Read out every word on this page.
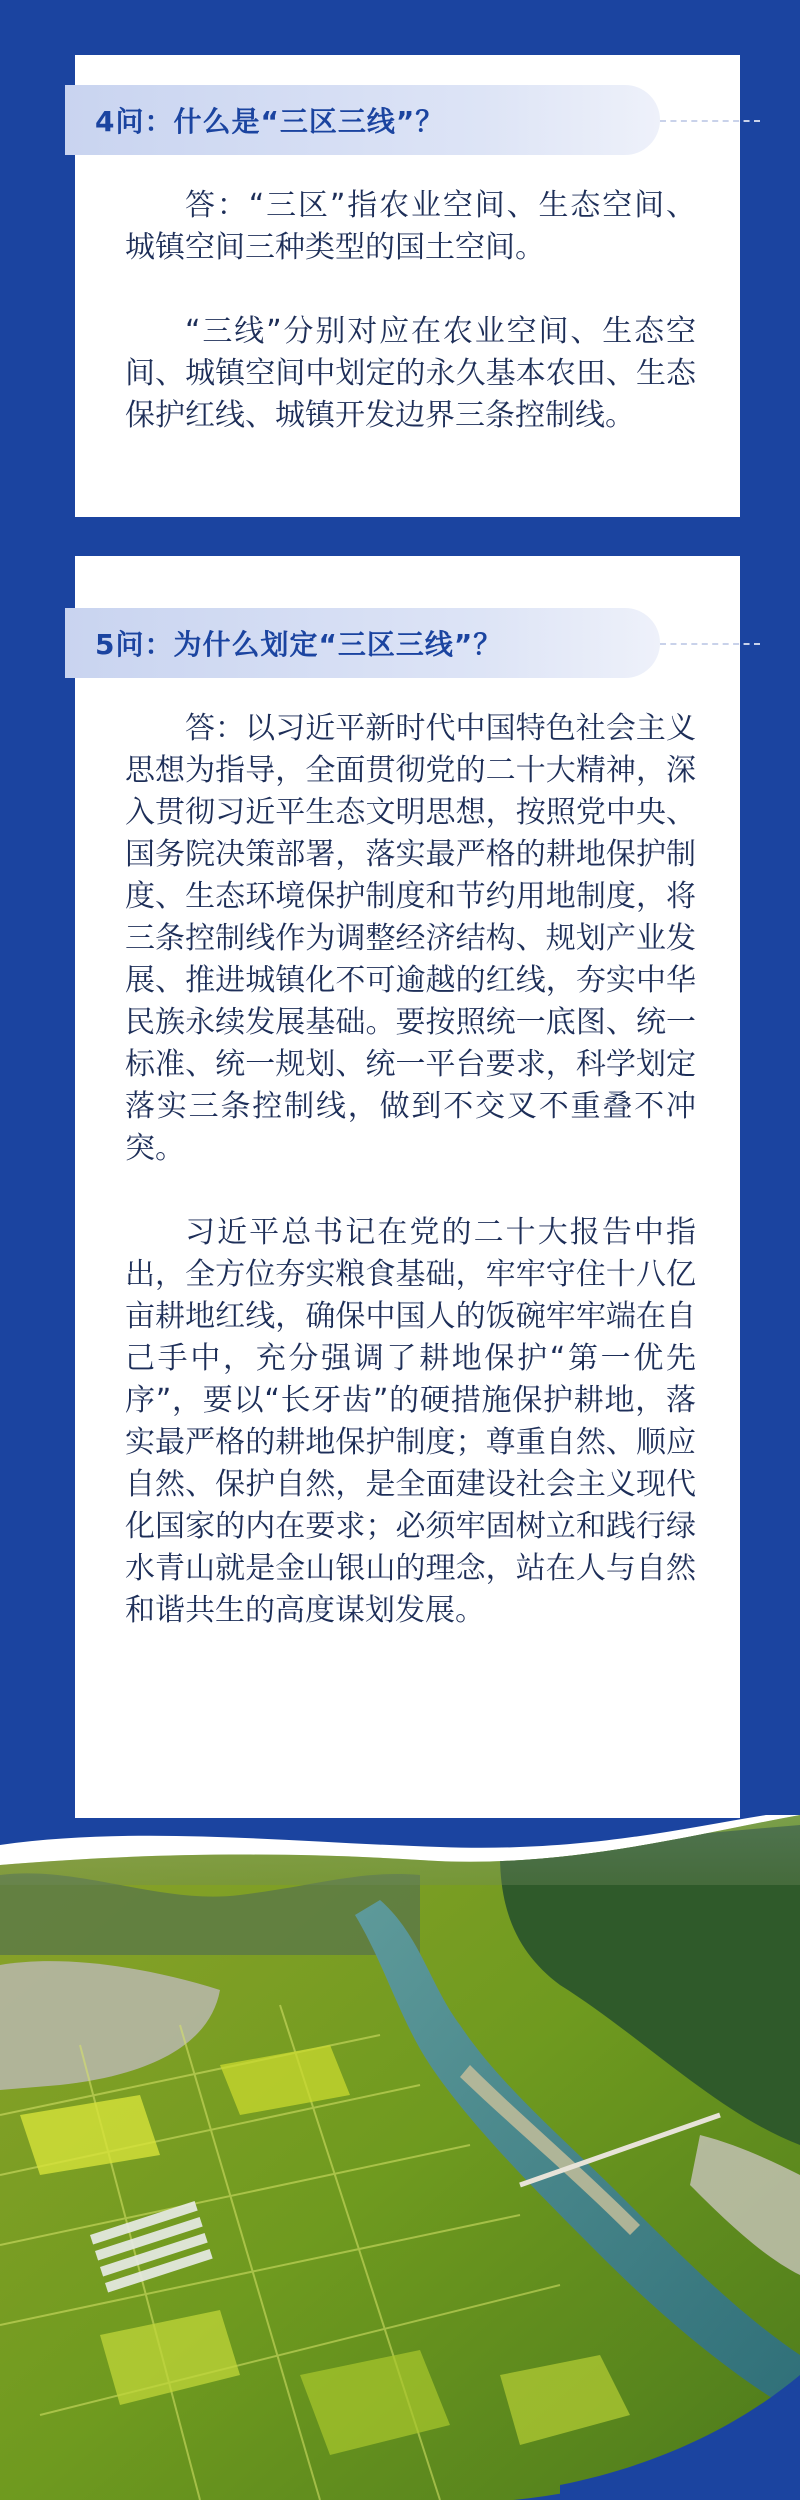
4问：什么是“三区三线”？

答：“三区”指农业空间、生态空间、城镇空间三种类型的国土空间。

“三线”分别对应在农业空间、生态空间、城镇空间中划定的永久基本农田、生态保护红线、城镇开发边界三条控制线。

5问：为什么划定“三区三线”？

答：以习近平新时代中国特色社会主义思想为指导，全面贯彻党的二十大精神，深入贯彻习近平生态文明思想，按照党中央、国务院决策部署，落实最严格的耕地保护制度、生态环境保护制度和节约用地制度，将三条控制线作为调整经济结构、规划产业发展、推进城镇化不可逾越的红线，夯实中华民族永续发展基础。要按照统一底图、统一标准、统一规划、统一平台要求，科学划定落实三条控制线，做到不交叉不重叠不冲突。

习近平总书记在党的二十大报告中指出，全方位夯实粮食基础，牢牢守住十八亿亩耕地红线，确保中国人的饭碗牢牢端在自己手中，充分强调了耕地保护“第一优先序”，要以“长牙齿”的硬措施保护耕地，落实最严格的耕地保护制度；尊重自然、顺应自然、保护自然，是全面建设社会主义现代化国家的内在要求；必须牢固树立和践行绿水青山就是金山银山的理念，站在人与自然和谐共生的高度谋划发展。
